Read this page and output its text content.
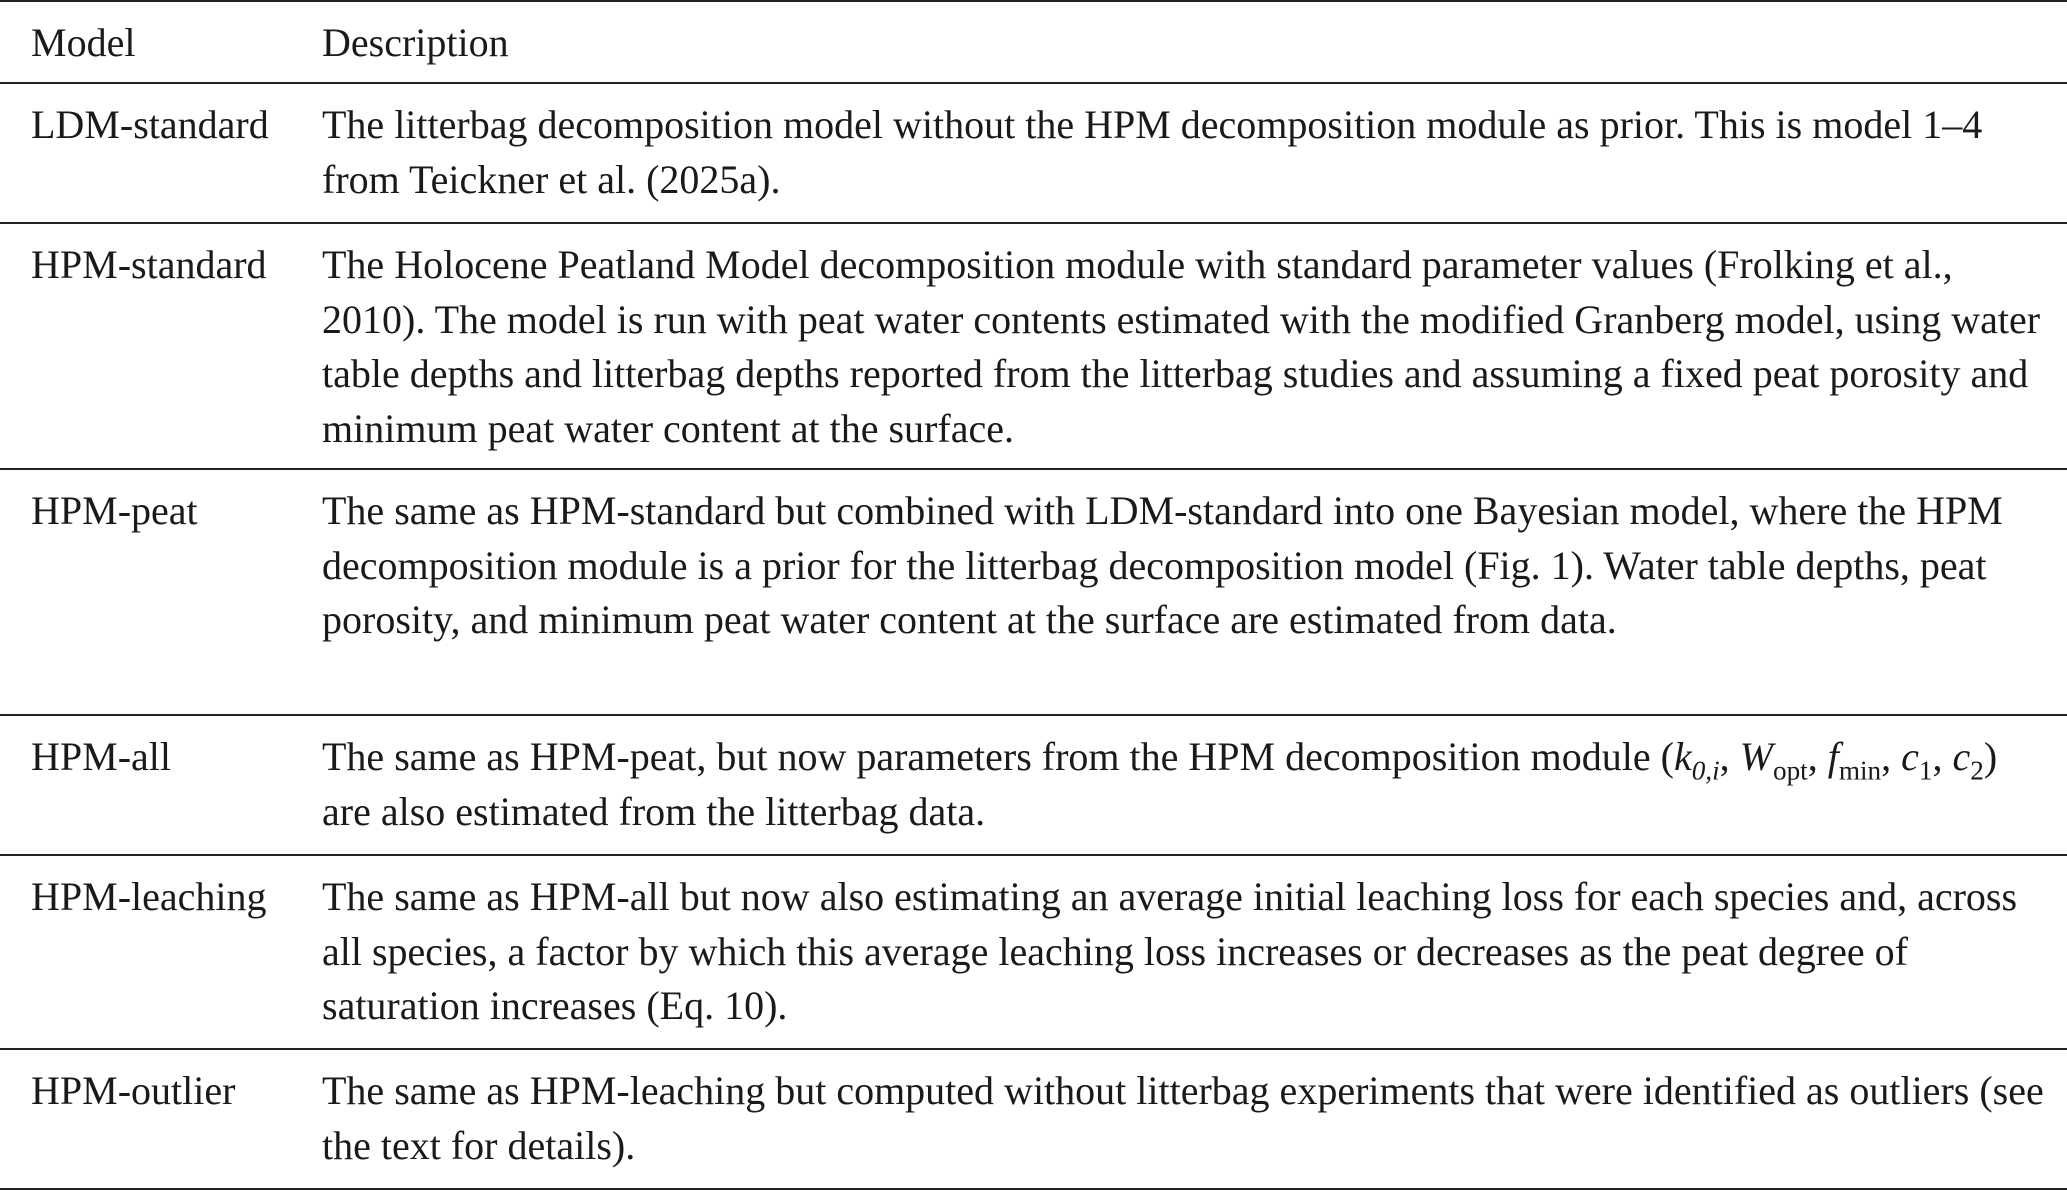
Model	Description
LDM-standard	The litterbag decomposition model without the HPM decomposition module as prior. This is model 1–4 from Teickner et al. (2025a).
HPM-standard	The Holocene Peatland Model decomposition module with standard parameter values (Frolking et al., 2010). The model is run with peat water contents estimated with the modified Granberg model, using water table depths and litterbag depths reported from the litterbag studies and assuming a fixed peat porosity and minimum peat water content at the surface.
HPM-peat	The same as HPM-standard but combined with LDM-standard into one Bayesian model, where the HPM decomposition module is a prior for the litterbag decomposition model (Fig. 1). Water table depths, peat porosity, and minimum peat water content at the surface are estimated from data.
HPM-all	The same as HPM-peat, but now parameters from the HPM decomposition module ($k_{0,i}$, $W_{opt}$, $f_{min}$, $c_1$, $c_2$) are also estimated from the litterbag data.
HPM-leaching	The same as HPM-all but now also estimating an average initial leaching loss for each species and, across all species, a factor by which this average leaching loss increases or decreases as the peat degree of saturation increases (Eq. 10).
HPM-outlier	The same as HPM-leaching but computed without litterbag experiments that were identified as outliers (see the text for details).
